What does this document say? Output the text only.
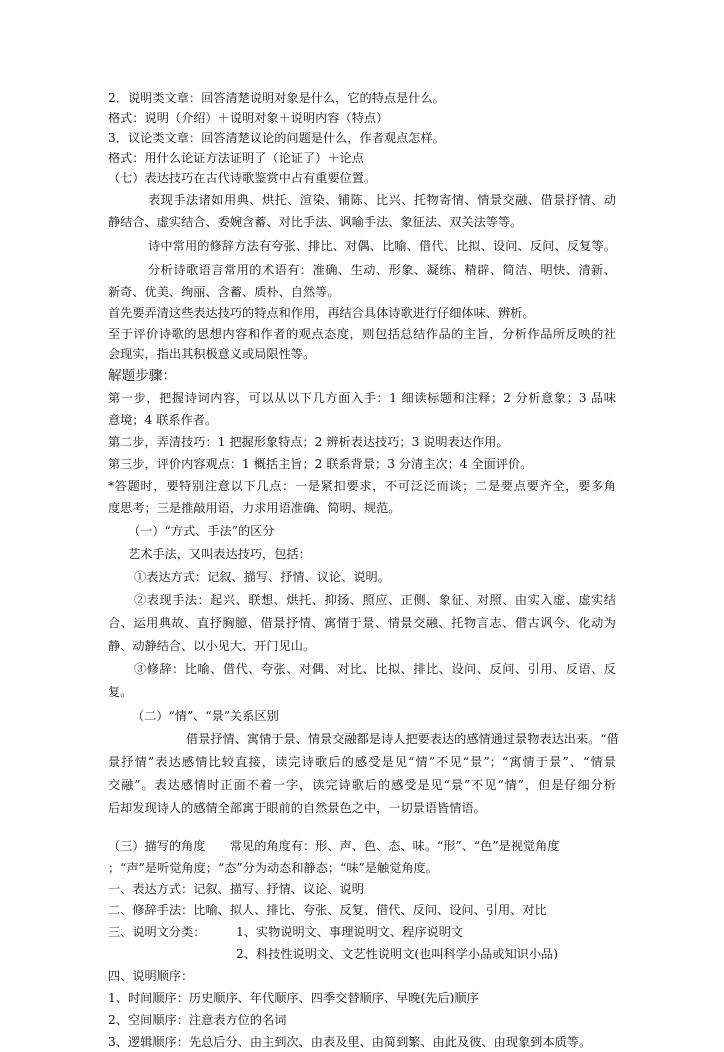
2．说明类文章：回答清楚说明对象是什么，它的特点是什么。
格式：说明（介绍）＋说明对象＋说明内容（特点）
3．议论类文章：回答清楚议论的问题是什么，作者观点怎样。
格式：用什么论证方法证明了（论证了）＋论点
（七）表达技巧在古代诗歌鉴赏中占有重要位置。
表现手法诸如用典、烘托、渲染、铺陈、比兴、托物寄情、情景交融、借景抒情、动
静结合、虚实结合、委婉含蓄、对比手法、讽喻手法、象征法、双关法等等。
诗中常用的修辞方法有夸张、排比、对偶、比喻、借代、比拟、设问、反问、反复等。
分析诗歌语言常用的术语有：准确、生动、形象、凝练、精辟、简洁、明快、清新、
新奇、优美、绚丽、含蓄、质朴、自然等。
首先要弄清这些表达技巧的特点和作用，再结合具体诗歌进行仔细体味、辨析。
至于评价诗歌的思想内容和作者的观点态度，则包括总结作品的主旨，分析作品所反映的社
会现实，指出其积极意义或局限性等。
解题步骤：
第一步，把握诗词内容，可以从以下几方面入手：1 细读标题和注释；2 分析意象；3 品味
意境；4 联系作者。
第二步，弄清技巧：1 把握形象特点；2 辨析表达技巧；3 说明表达作用。
第三步，评价内容观点：1 概括主旨；2 联系背景；3 分清主次；4 全面评价。
*答题时，要特别注意以下几点：一是紧扣要求，不可泛泛而谈；二是要点要齐全，要多角
度思考；三是推敲用语，力求用语准确、简明、规范。
（一）“方式、手法”的区分
艺术手法，又叫表达技巧，包括：
①表达方式：记叙、描写、抒情、议论、说明。
②表现手法：起兴、联想、烘托、抑扬、照应、正侧、象征、对照、由实入虚、虚实结
合、运用典故、直抒胸臆、借景抒情、寓情于景、情景交融、托物言志、借古讽今、化动为
静、动静结合、以小见大、开门见山。
③修辞：比喻、借代、夸张、对偶、对比、比拟、排比、设问、反问、引用、反语、反
复。
（二）“情”、“景”关系区别
借景抒情、寓情于景、情景交融都是诗人把要表达的感情通过景物表达出来。“借
景抒情”表达感情比较直接，读完诗歌后的感受是见“情”不见“景”；“寓情于景”、“情景
交融”。表达感情时正面不着一字，读完诗歌后的感受是见“景”不见“情”，但是仔细分析
后却发现诗人的感情全部寓于眼前的自然景色之中，一切景语皆情语。
（三）描写的角度　　常见的角度有：形、声、色、态、味。“形”、“色”是视觉角度
；“声”是听觉角度；“态”分为动态和静态；“味”是触觉角度。
一、表达方式：记叙、描写、抒情、议论、说明
二、修辞手法：比喻、拟人、排比、夸张、反复、借代、反问、设问、引用、对比
三、说明文分类：　　　1、实物说明文、事理说明文、程序说明文
2、科技性说明文、文艺性说明文(也叫科学小品或知识小品)
四、说明顺序：
1、时间顺序：历史顺序、年代顺序、四季交替顺序、早晚(先后)顺序
2、空间顺序：注意表方位的名词
3、逻辑顺序：先总后分、由主到次、由表及里、由简到繁、由此及彼、由现象到本质等。
